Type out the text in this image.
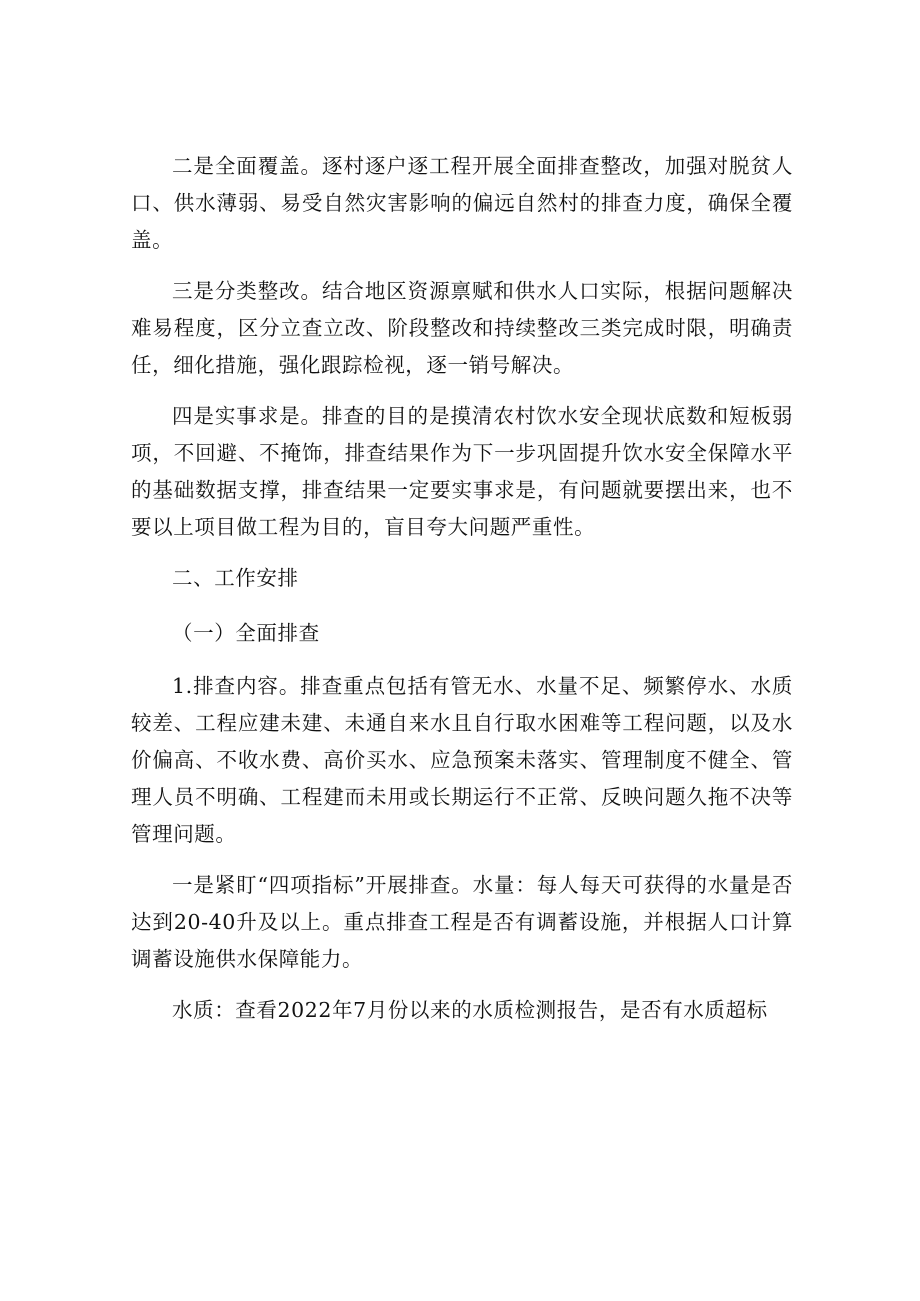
二是全面覆盖。逐村逐户逐工程开展全面排查整改，加强对脱贫人口、供水薄弱、易受自然灾害影响的偏远自然村的排查力度，确保全覆盖。

三是分类整改。结合地区资源禀赋和供水人口实际，根据问题解决难易程度，区分立查立改、阶段整改和持续整改三类完成时限，明确责任，细化措施，强化跟踪检视，逐一销号解决。

四是实事求是。排查的目的是摸清农村饮水安全现状底数和短板弱项，不回避、不掩饰，排查结果作为下一步巩固提升饮水安全保障水平的基础数据支撑，排查结果一定要实事求是，有问题就要摆出来，也不要以上项目做工程为目的，盲目夸大问题严重性。

二、工作安排

（一）全面排查

1.排查内容。排查重点包括有管无水、水量不足、频繁停水、水质较差、工程应建未建、未通自来水且自行取水困难等工程问题，以及水价偏高、不收水费、高价买水、应急预案未落实、管理制度不健全、管理人员不明确、工程建而未用或长期运行不正常、反映问题久拖不决等管理问题。

一是紧盯“四项指标”开展排查。水量：每人每天可获得的水量是否达到20-40升及以上。重点排查工程是否有调蓄设施，并根据人口计算调蓄设施供水保障能力。

水质：查看2022年7月份以来的水质检测报告，是否有水质超标
